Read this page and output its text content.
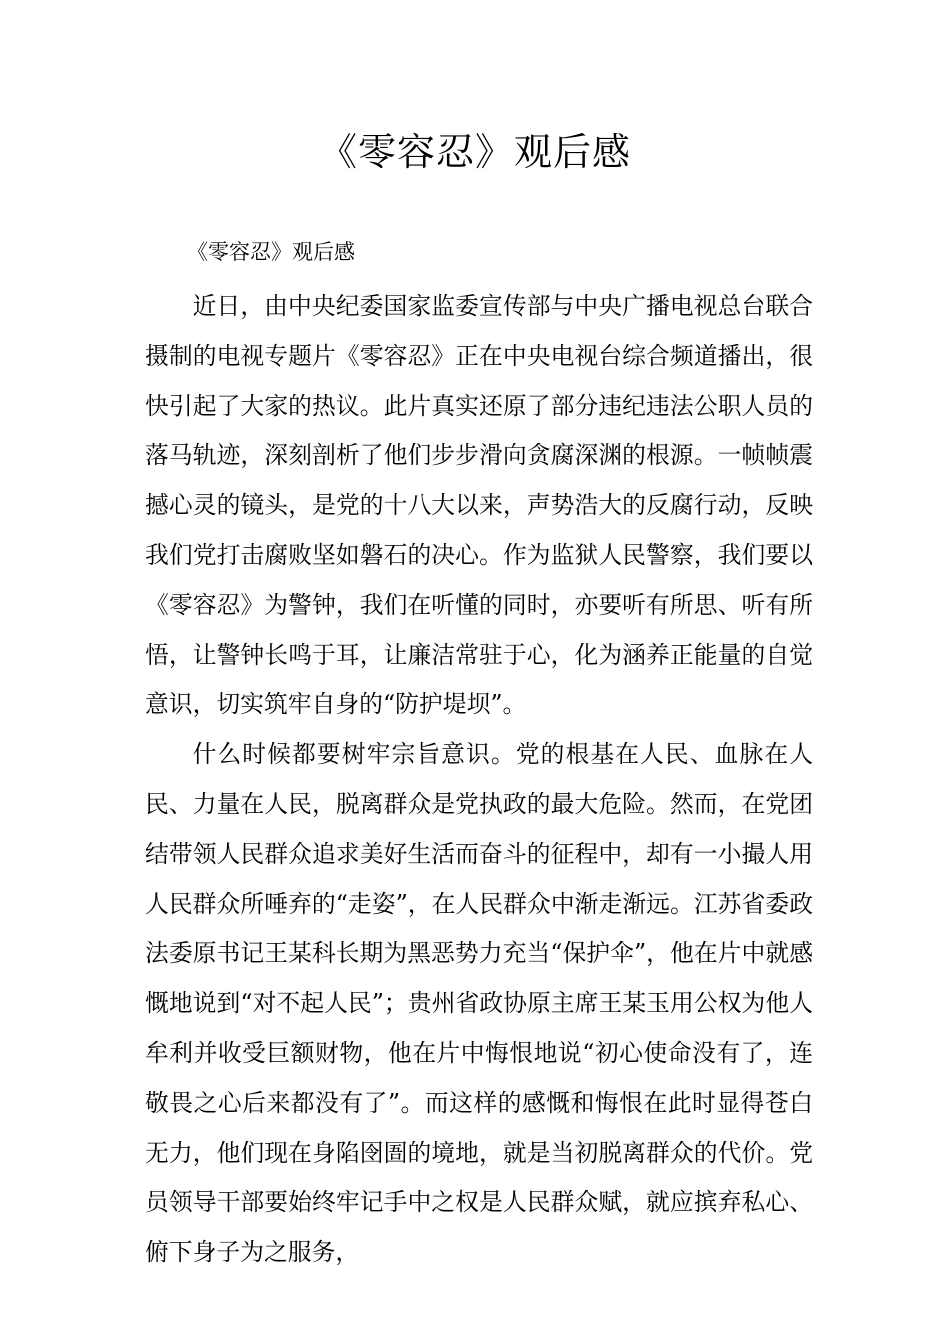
《零容忍》观后感
《零容忍》观后感

近日，由中央纪委国家监委宣传部与中央广播电视总台联合摄制的电视专题片《零容忍》正在中央电视台综合频道播出，很快引起了大家的热议。此片真实还原了部分违纪违法公职人员的落马轨迹，深刻剖析了他们步步滑向贪腐深渊的根源。一帧帧震撼心灵的镜头，是党的十八大以来，声势浩大的反腐行动，反映我们党打击腐败坚如磐石的决心。作为监狱人民警察，我们要以《零容忍》为警钟，我们在听懂的同时，亦要听有所思、听有所悟，让警钟长鸣于耳，让廉洁常驻于心，化为涵养正能量的自觉意识，切实筑牢自身的“防护堤坝”。

什么时候都要树牢宗旨意识。党的根基在人民、血脉在人民、力量在人民，脱离群众是党执政的最大危险。然而，在党团结带领人民群众追求美好生活而奋斗的征程中，却有一小撮人用人民群众所唾弃的“走姿”，在人民群众中渐走渐远。江苏省委政法委原书记王某科长期为黑恶势力充当“保护伞”，他在片中就感慨地说到“对不起人民”；贵州省政协原主席王某玉用公权为他人牟利并收受巨额财物，他在片中悔恨地说“初心使命没有了，连敬畏之心后来都没有了”。而这样的感慨和悔恨在此时显得苍白无力，他们现在身陷囹圄的境地，就是当初脱离群众的代价。党员领导干部要始终牢记手中之权是人民群众赋，就应摈弃私心、俯下身子为之服务，
